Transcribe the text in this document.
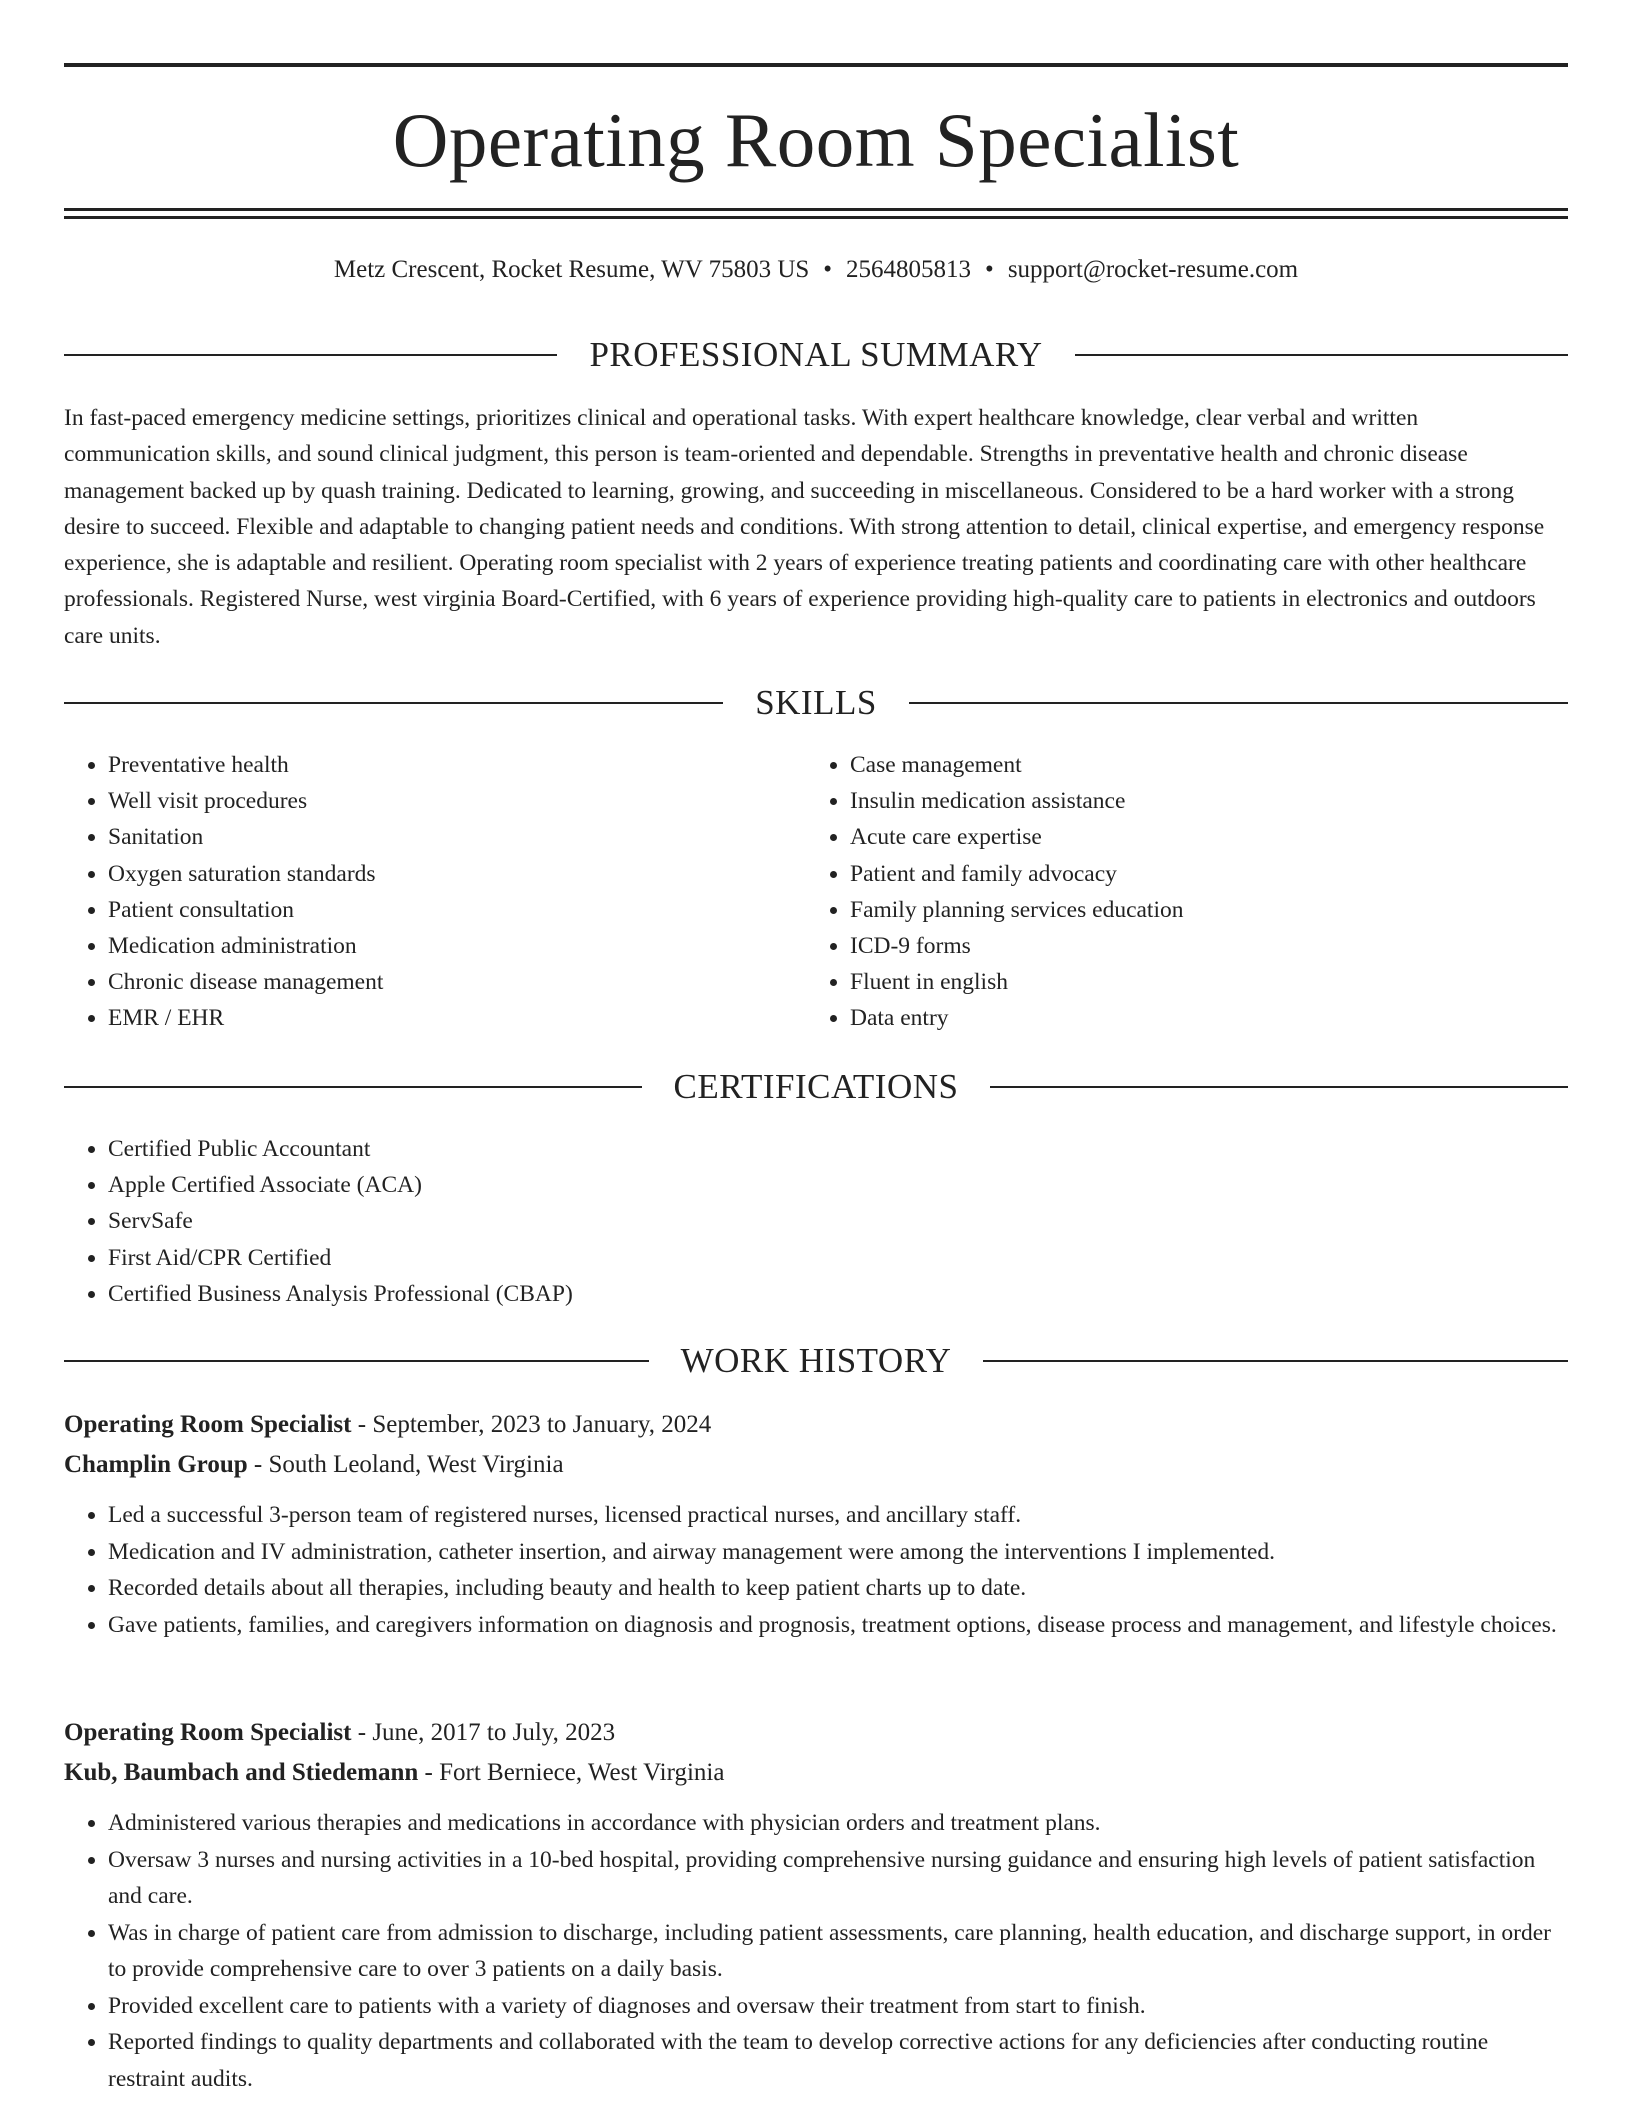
Operating Room Specialist
Metz Crescent, Rocket Resume, WV 75803 US • 2564805813 • support@rocket-resume.com
PROFESSIONAL SUMMARY
In fast-paced emergency medicine settings, prioritizes clinical and operational tasks. With expert healthcare knowledge, clear verbal and written communication skills, and sound clinical judgment, this person is team-oriented and dependable. Strengths in preventative health and chronic disease management backed up by quash training. Dedicated to learning, growing, and succeeding in miscellaneous. Considered to be a hard worker with a strong desire to succeed. Flexible and adaptable to changing patient needs and conditions. With strong attention to detail, clinical expertise, and emergency response experience, she is adaptable and resilient. Operating room specialist with 2 years of experience treating patients and coordinating care with other healthcare professionals. Registered Nurse, west virginia Board-Certified, with 6 years of experience providing high-quality care to patients in electronics and outdoors care units.
SKILLS
• Preventative health
• Well visit procedures
• Sanitation
• Oxygen saturation standards
• Patient consultation
• Medication administration
• Chronic disease management
• EMR / EHR
• Case management
• Insulin medication assistance
• Acute care expertise
• Patient and family advocacy
• Family planning services education
• ICD-9 forms
• Fluent in english
• Data entry
CERTIFICATIONS
• Certified Public Accountant
• Apple Certified Associate (ACA)
• ServSafe
• First Aid/CPR Certified
• Certified Business Analysis Professional (CBAP)
WORK HISTORY
Operating Room Specialist - September, 2023 to January, 2024
Champlin Group - South Leoland, West Virginia
• Led a successful 3-person team of registered nurses, licensed practical nurses, and ancillary staff.
• Medication and IV administration, catheter insertion, and airway management were among the interventions I implemented.
• Recorded details about all therapies, including beauty and health to keep patient charts up to date.
• Gave patients, families, and caregivers information on diagnosis and prognosis, treatment options, disease process and management, and lifestyle choices.
Operating Room Specialist - June, 2017 to July, 2023
Kub, Baumbach and Stiedemann - Fort Berniece, West Virginia
• Administered various therapies and medications in accordance with physician orders and treatment plans.
• Oversaw 3 nurses and nursing activities in a 10-bed hospital, providing comprehensive nursing guidance and ensuring high levels of patient satisfaction and care.
• Was in charge of patient care from admission to discharge, including patient assessments, care planning, health education, and discharge support, in order to provide comprehensive care to over 3 patients on a daily basis.
• Provided excellent care to patients with a variety of diagnoses and oversaw their treatment from start to finish.
• Reported findings to quality departments and collaborated with the team to develop corrective actions for any deficiencies after conducting routine restraint audits.
